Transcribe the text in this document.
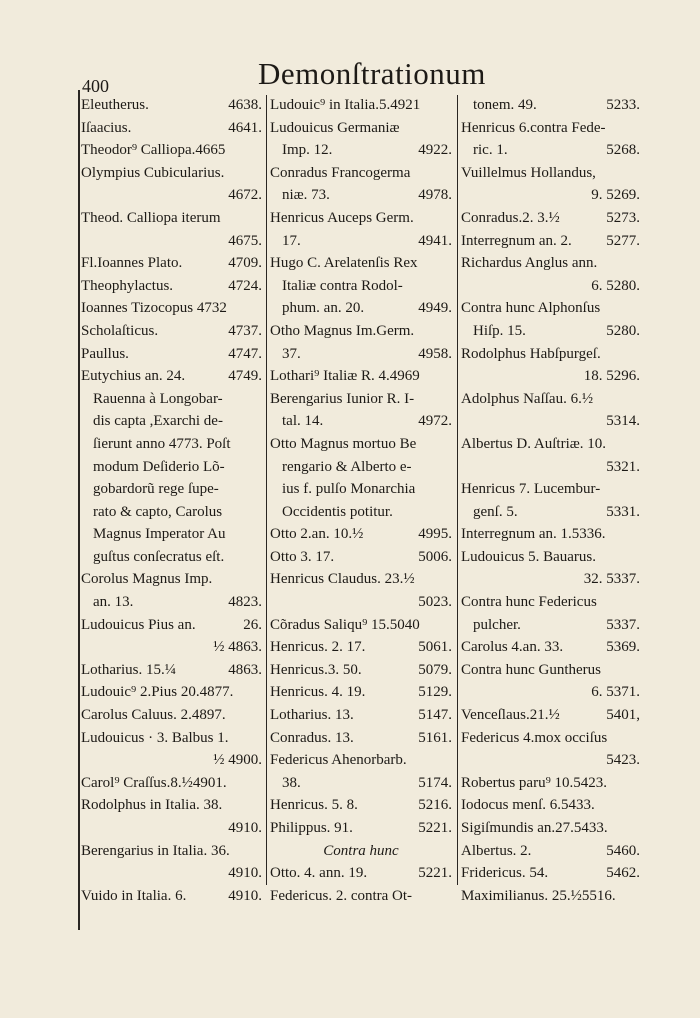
400	Demonſtrationum
Eleutherus.	4638.
Iſaacius.	4641.
Theodor⁹ Calliopa.4665
Olympius Cubicularius.
4672.
Theod. Calliopa iterum
4675.
Fl.Ioannes Plato.	4709.
Theophylactus.	4724.
Ioannes Tizocopus 4732
Scholaſticus.	4737.
Paullus.	4747.
Eutychius an. 24.	4749.
Rauenna à Longobar-
dis capta ,Exarchi de-
ſierunt anno 4773. Poſt
modum Deſiderio Lõ-
gobardorũ rege ſupe-
rato & capto, Carolus
Magnus Imperator Au
guſtus conſecratus eſt.
Corolus Magnus Imp.
an. 13.	4823.
Ludouicus Pius an.	26.
½ 4863.
Lotharius. 15.¼	4863.
Ludouic⁹ 2.Pius 20.4877.
Carolus Caluus. 2.4897.
Ludouicus · 3. Balbus 1.
½ 4900.
Carol⁹ Craſſus.8.½4901.
Rodolphus in Italia. 38.
4910.
Berengarius in Italia. 36.
4910.
Vuido in Italia. 6.	4910.
Ludouic⁹ in Italia.5.4921
Ludouicus Germaniæ
Imp. 12.	4922.
Conradus Francogerma
niæ. 73.	4978.
Henricus Auceps Germ.
17.	4941.
Hugo C. Arelatenſis Rex
Italiæ contra Rodol-
phum. an. 20.	4949.
Otho Magnus Im.Germ.
37.	4958.
Lothari⁹ Italiæ R. 4.4969
Berengarius Iunior R. I-
tal. 14.	4972.
Otto Magnus mortuo Be
rengario & Alberto e-
ius f. pulſo Monarchia
Occidentis potitur.
Otto 2.an. 10.½	4995.
Otto 3. 17.	5006.
Henricus Claudus. 23.½
5023.
Cõradus Saliqu⁹ 15.5040
Henricus. 2. 17.	5061.
Henricus.3. 50.	5079.
Henricus. 4. 19.	5129.
Lotharius. 13.	5147.
Conradus. 13.	5161.
Federicus Ahenorbarb.
38.	5174.
Henricus. 5. 8.	5216.
Philippus. 91.	5221.
Contra hunc
Otto. 4. ann. 19.	5221.
Federicus. 2. contra Ot-
tonem. 49.	5233.
Henricus 6.contra Fede-
ric. 1.	5268.
Vuillelmus Hollandus,
9. 5269.
Conradus.2. 3.½	5273.
Interregnum an. 2. 5277.
Richardus Anglus ann.
6. 5280.
Contra hunc Alphonſus
Hiſp. 15.	5280.
Rodolphus Habſpurgeſ.
18. 5296.
Adolphus Naſſau. 6.½
5314.
Albertus D. Auſtriæ. 10.
5321.
Henricus 7. Lucembur-
genſ. 5.	5331.
Interregnum an. 1.5336.
Ludouicus 5. Bauarus.
32. 5337.
Contra hunc Federicus
pulcher.	5337.
Carolus 4.an. 33.	5369.
Contra hunc Guntherus
6. 5371.
Venceſlaus.21.½	5401,
Federicus 4.mox occiſus
5423.
Robertus paru⁹ 10.5423.
Iodocus menſ. 6.5433.
Sigiſmundis an.27.5433.
Albertus. 2.	5460.
Fridericus. 54.	5462.
Maximilianus. 25.½5516.
